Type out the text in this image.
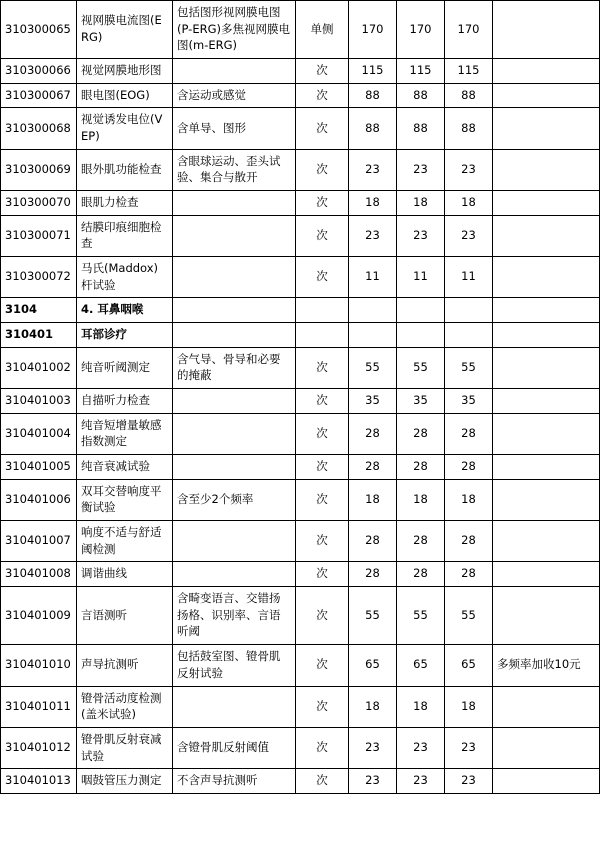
310300065	视网膜电流图(ERG)	包括图形视网膜电图(P-ERG)多焦视网膜电图(m-ERG)	单侧	170	170	170	
310300066	视觉网膜地形图		次	115	115	115	
310300067	眼电图(EOG)	含运动或感觉	次	88	88	88	
310300068	视觉诱发电位(VEP)	含单导、图形	次	88	88	88	
310300069	眼外肌功能检查	含眼球运动、歪头试验、集合与散开	次	23	23	23	
310300070	眼肌力检查		次	18	18	18	
310300071	结膜印痕细胞检查		次	23	23	23	
310300072	马氏(Maddox)杆试验		次	11	11	11	
3104	4. 耳鼻咽喉						
310401	耳部诊疗						
310401002	纯音听阈测定	含气导、骨导和必要的掩蔽	次	55	55	55	
310401003	自描听力检查		次	35	35	35	
310401004	纯音短增量敏感指数测定		次	28	28	28	
310401005	纯音衰减试验		次	28	28	28	
310401006	双耳交替响度平衡试验	含至少2个频率	次	18	18	18	
310401007	响度不适与舒适阈检测		次	28	28	28	
310401008	调谐曲线		次	28	28	28	
310401009	言语测听	含畸变语言、交错扬扬格、识别率、言语听阈	次	55	55	55	
310401010	声导抗测听	包括鼓室图、镫骨肌反射试验	次	65	65	65	多频率加收10元
310401011	镫骨活动度检测(盖米试验)		次	18	18	18	
310401012	镫骨肌反射衰减试验	含镫骨肌反射阈值	次	23	23	23	
310401013	咽鼓管压力测定	不含声导抗测听	次	23	23	23	
